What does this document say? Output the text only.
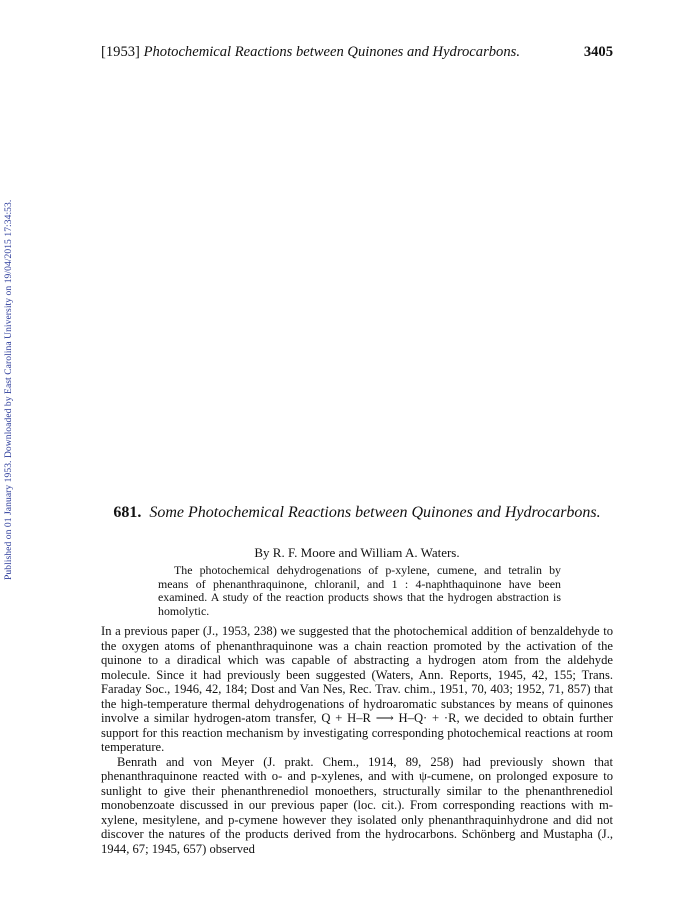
Published on 01 January 1953. Downloaded by East Carolina University on 19/04/2015 17:34:53.
[1953] Photochemical Reactions between Quinones and Hydrocarbons.	3405
681. Some Photochemical Reactions between Quinones and Hydrocarbons.
By R. F. Moore and William A. Waters.

The photochemical dehydrogenations of p-xylene, cumene, and tetralin by means of phenanthraquinone, chloranil, and 1 : 4-naphthaquinone have been examined. A study of the reaction products shows that the hydrogen abstraction is homolytic.

In a previous paper (J., 1953, 238) we suggested that the photochemical addition of benzaldehyde to the oxygen atoms of phenanthraquinone was a chain reaction promoted by the activation of the quinone to a diradical which was capable of abstracting a hydrogen atom from the aldehyde molecule. Since it had previously been suggested (Waters, Ann. Reports, 1945, 42, 155; Trans. Faraday Soc., 1946, 42, 184; Dost and Van Nes, Rec. Trav. chim., 1951, 70, 403; 1952, 71, 857) that the high-temperature thermal dehydrogenations of hydroaromatic substances by means of quinones involve a similar hydrogen-atom transfer, Q + H–R ⟶ H–Q· + ·R, we decided to obtain further support for this reaction mechanism by investigating corresponding photochemical reactions at room temperature.

Benrath and von Meyer (J. prakt. Chem., 1914, 89, 258) had previously shown that phenanthraquinone reacted with o- and p-xylenes, and with ψ-cumene, on prolonged exposure to sunlight to give their phenanthrenediol monoethers, structurally similar to the phenanthrenediol monobenzoate discussed in our previous paper (loc. cit.). From corresponding reactions with m-xylene, mesitylene, and p-cymene however they isolated only phenanthraquinhydrone and did not discover the natures of the products derived from the hydrocarbons. Schönberg and Mustapha (J., 1944, 67; 1945, 657) observed
